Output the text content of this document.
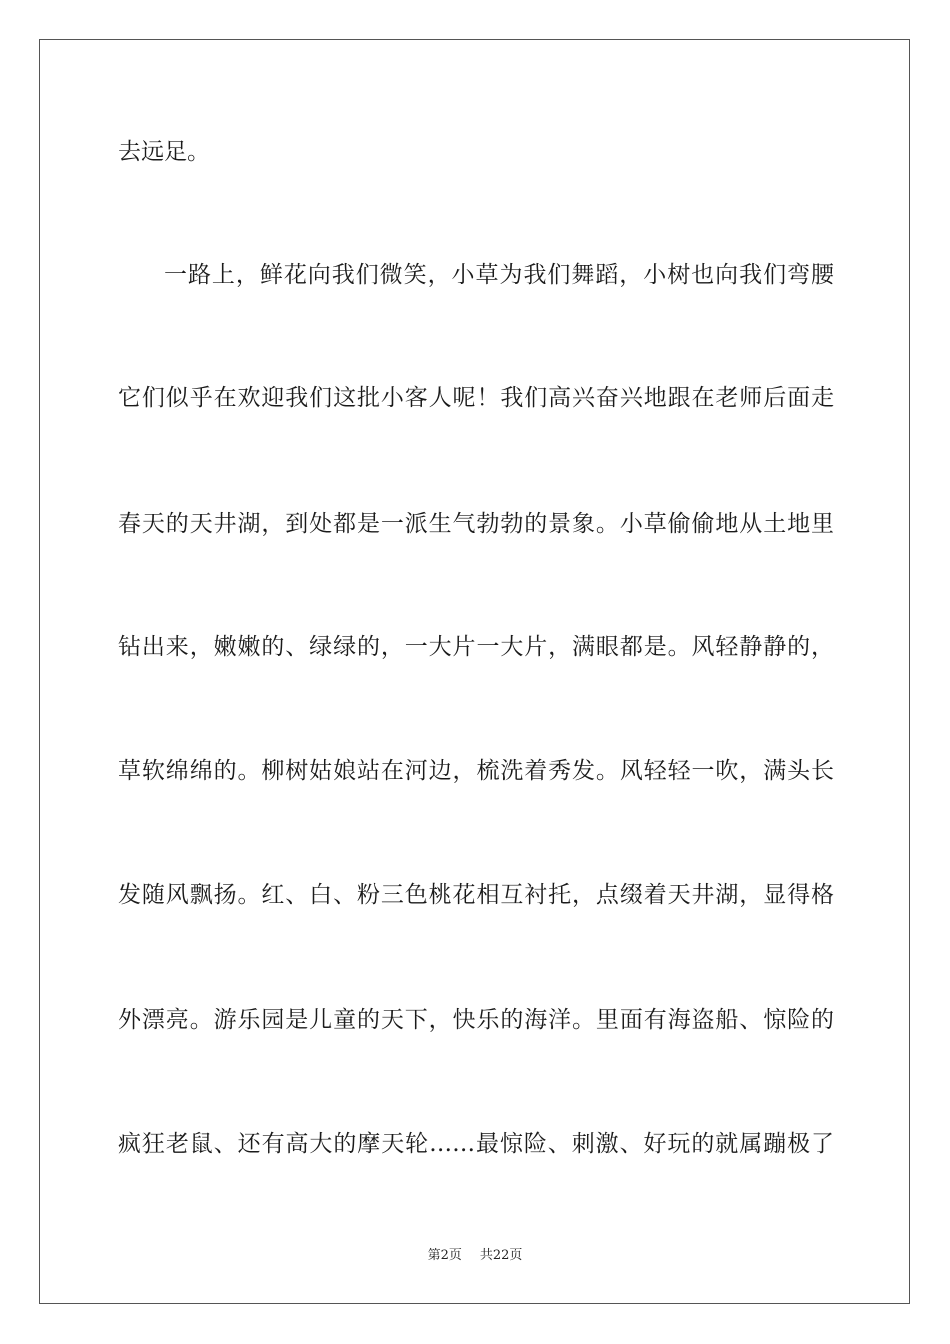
去远足。
一路上，鲜花向我们微笑，小草为我们舞蹈，小树也向我们弯腰
它们似乎在欢迎我们这批小客人呢！我们高兴奋兴地跟在老师后面走
春天的天井湖，到处都是一派生气勃勃的景象。小草偷偷地从土地里
钻出来，嫩嫩的、绿绿的，一大片一大片，满眼都是。风轻静静的，
草软绵绵的。柳树姑娘站在河边，梳洗着秀发。风轻轻一吹，满头长
发随风飘扬。红、白、粉三色桃花相互衬托，点缀着天井湖，显得格
外漂亮。游乐园是儿童的天下，快乐的海洋。里面有海盗船、惊险的
疯狂老鼠、还有高大的摩天轮……最惊险、刺激、好玩的就属蹦极了
第2页 共22页
